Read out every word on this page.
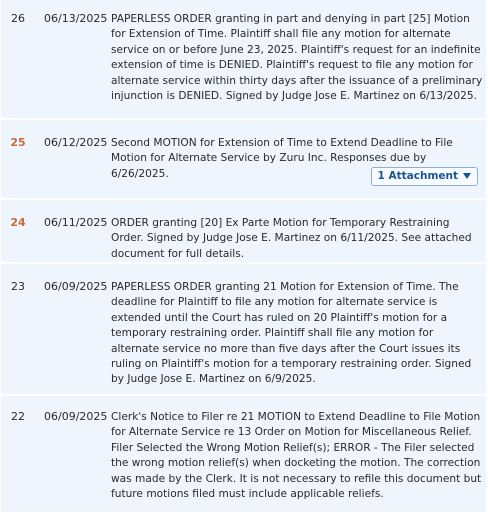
26	06/13/2025 PAPERLESS ORDER granting in part and denying in part [25] Motion for Extension of Time. Plaintiff shall file any motion for alternate service on or before June 23, 2025. Plaintiff's request for an indefinite extension of time is DENIED. Plaintiff's request to file any motion for alternate service within thirty days after the issuance of a preliminary injunction is DENIED. Signed by Judge Jose E. Martinez on 6/13/2025.
25	06/12/2025 Second MOTION for Extension of Time to Extend Deadline to File Motion for Alternate Service by Zuru Inc. Responses due by 6/26/2025.	1 Attachment
24	06/11/2025 ORDER granting [20] Ex Parte Motion for Temporary Restraining Order. Signed by Judge Jose E. Martinez on 6/11/2025. See attached document for full details.
23	06/09/2025 PAPERLESS ORDER granting 21 Motion for Extension of Time. The deadline for Plaintiff to file any motion for alternate service is extended until the Court has ruled on 20 Plaintiff's motion for a temporary restraining order. Plaintiff shall file any motion for alternate service no more than five days after the Court issues its ruling on Plaintiff's motion for a temporary restraining order. Signed by Judge Jose E. Martinez on 6/9/2025.
22	06/09/2025 Clerk's Notice to Filer re 21 MOTION to Extend Deadline to File Motion for Alternate Service re 13 Order on Motion for Miscellaneous Relief. Filer Selected the Wrong Motion Relief(s); ERROR - The Filer selected the wrong motion relief(s) when docketing the motion. The correction was made by the Clerk. It is not necessary to refile this document but future motions filed must include applicable reliefs.
